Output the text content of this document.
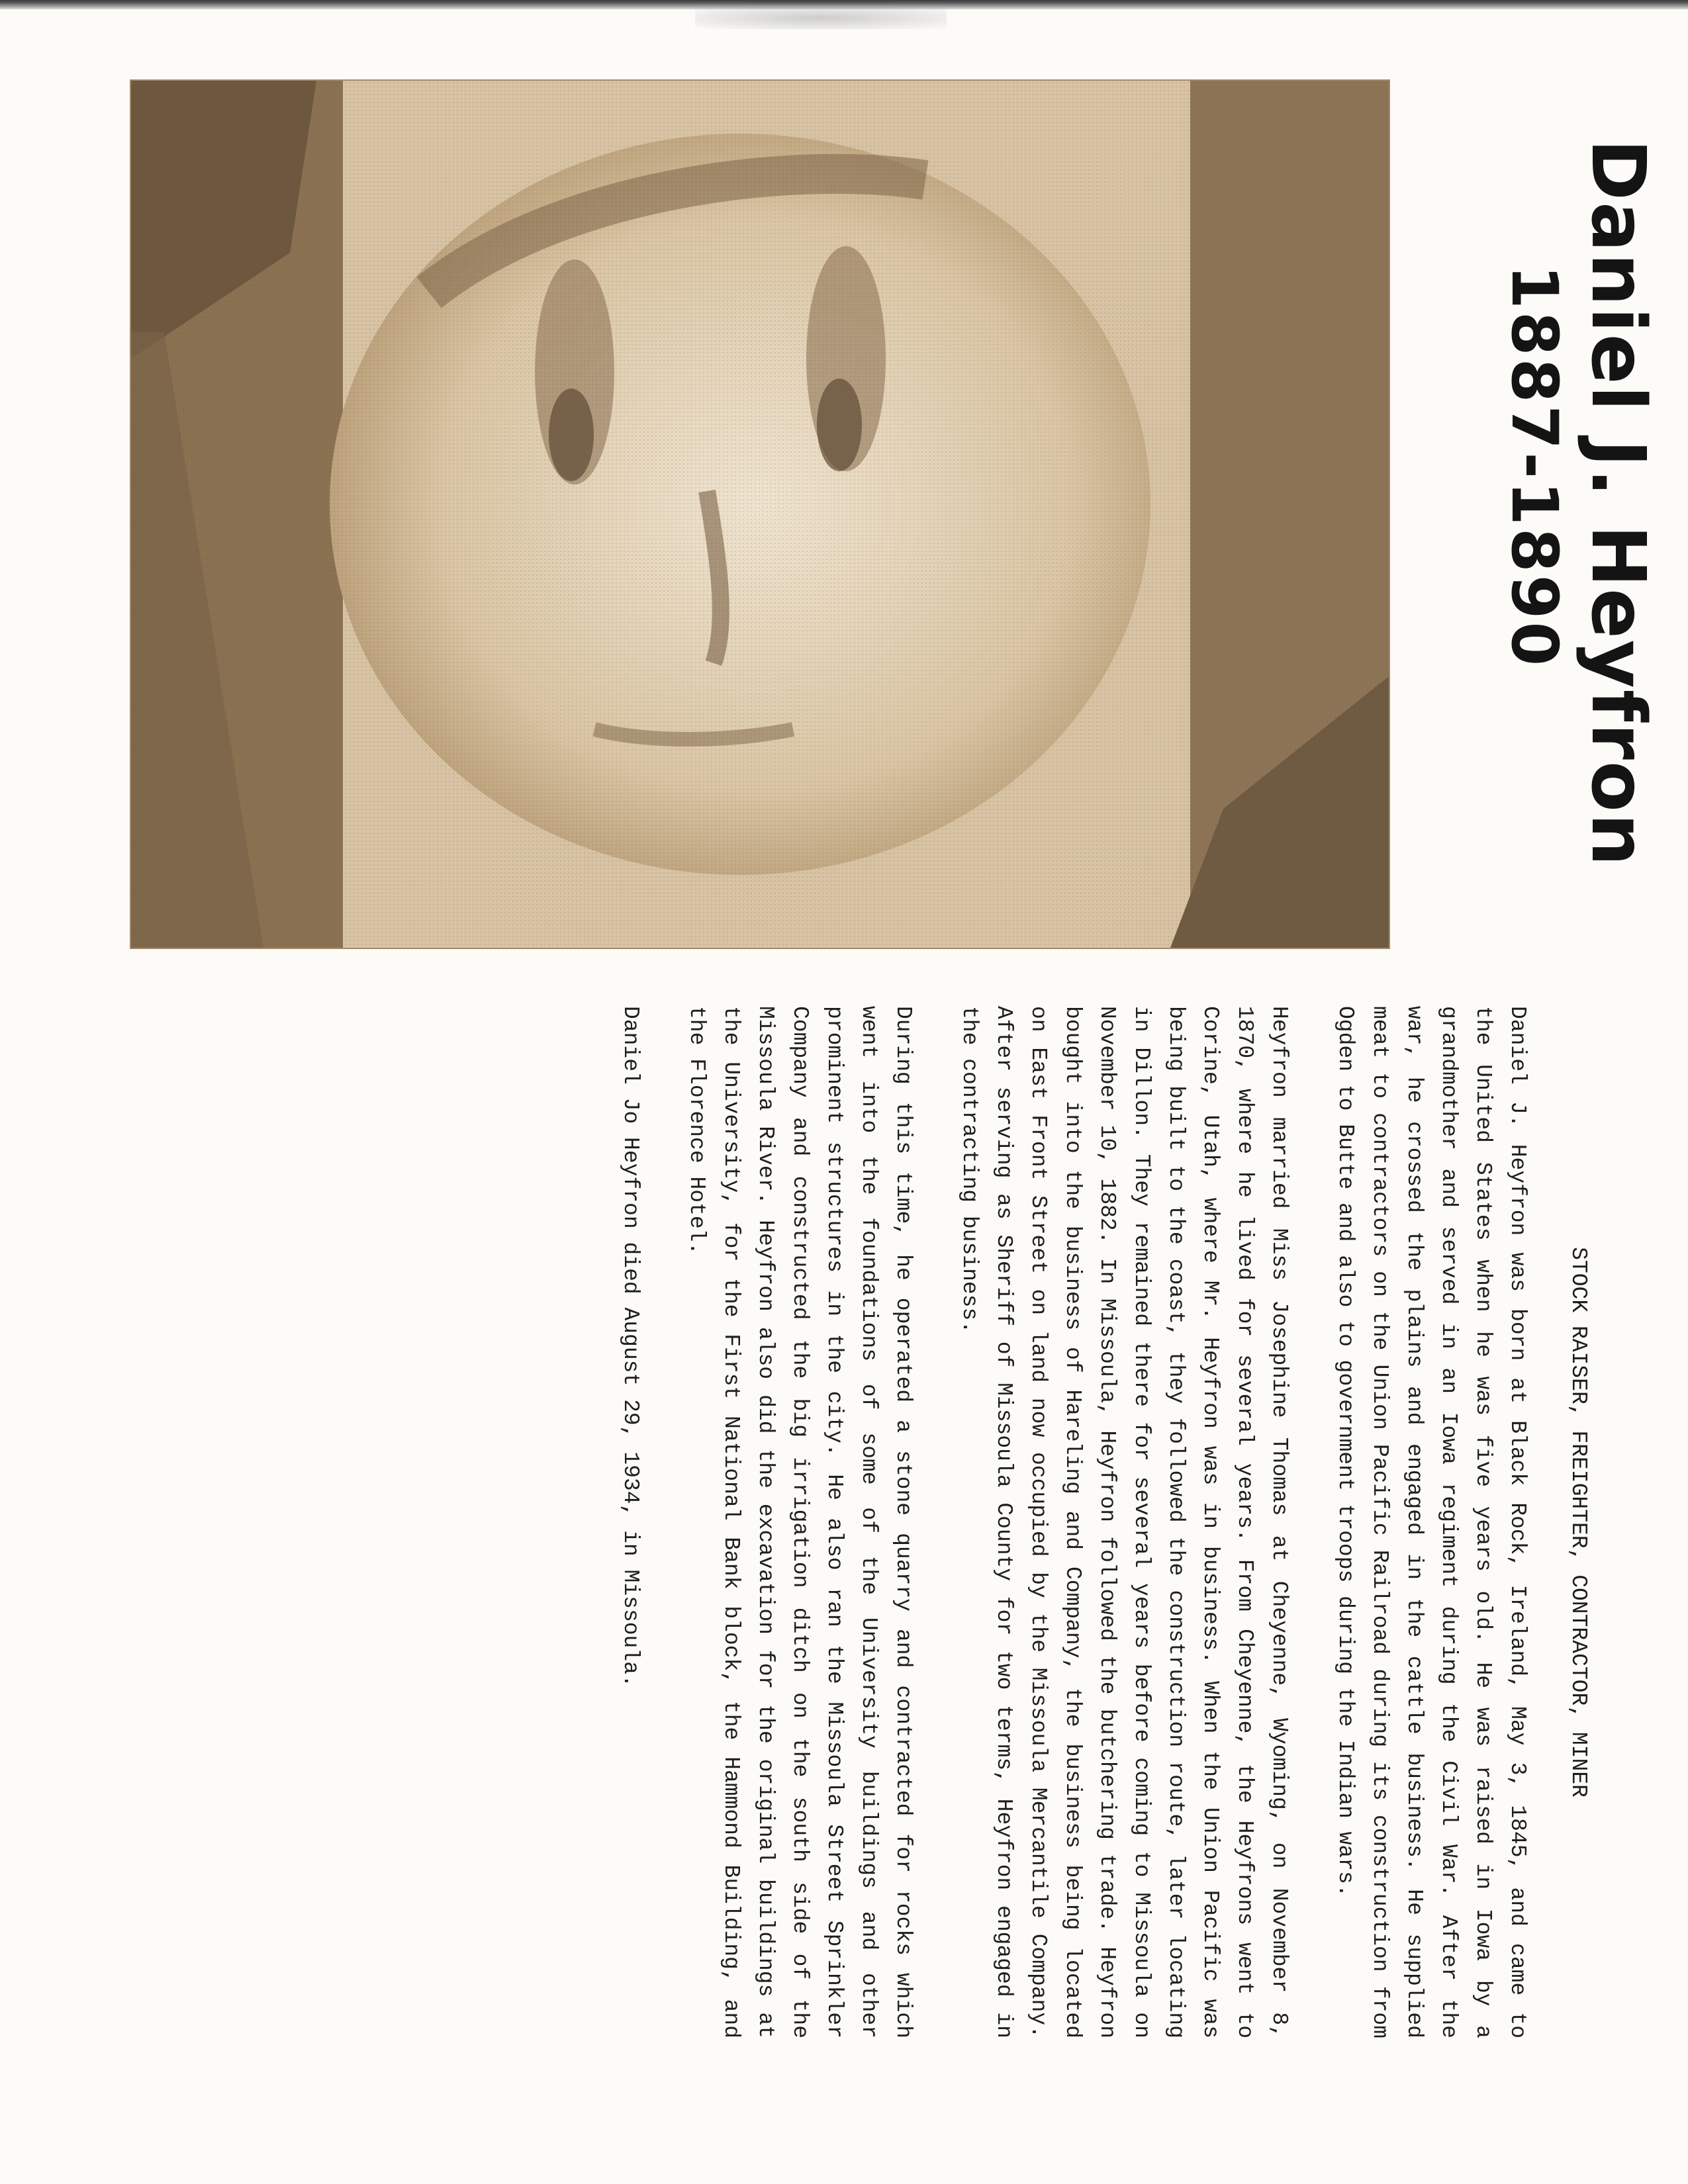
Daniel J. Heyfron
1887-1890

STOCK RAISER, FREIGHTER, CONTRACTOR, MINER

Daniel J. Heyfron was born at Black Rock, Ireland, May 3, 1845, and came to the United States when he was five years old. He was raised in Iowa by a grandmother and served in an Iowa regiment during the Civil War. After the war, he crossed the plains and engaged in the cattle business. He supplied meat to contractors on the Union Pacific Railroad during its construction from Ogden to Butte and also to government troops during the Indian wars.

Heyfron married Miss Josephine Thomas at Cheyenne, Wyoming, on November 8, 1870, where he lived for several years. From Cheyenne, the Heyfrons went to Corine, Utah, where Mr. Heyfron was in business. When the Union Pacific was being built to the coast, they followed the construction route, later locating in Dillon. They remained there for several years before coming to Missoula on November 10, 1882. In Missoula, Heyfron followed the butchering trade. Heyfron bought into the business of Hareling and Company, the business being located on East Front Street on land now occupied by the Missoula Mercantile Company. After serving as Sheriff of Missoula County for two terms, Heyfron engaged in the contracting business.

During this time, he operated a stone quarry and contracted for rocks which went into the foundations of some of the University buildings and other prominent structures in the city. He also ran the Missoula Street Sprinkler Company and constructed the big irrigation ditch on the south side of the Missoula River. Heyfron also did the excavation for the original buildings at the University, for the First National Bank block, the Hammond Building, and the Florence Hotel.

Daniel Jo Heyfron died August 29, 1934, in Missoula.
